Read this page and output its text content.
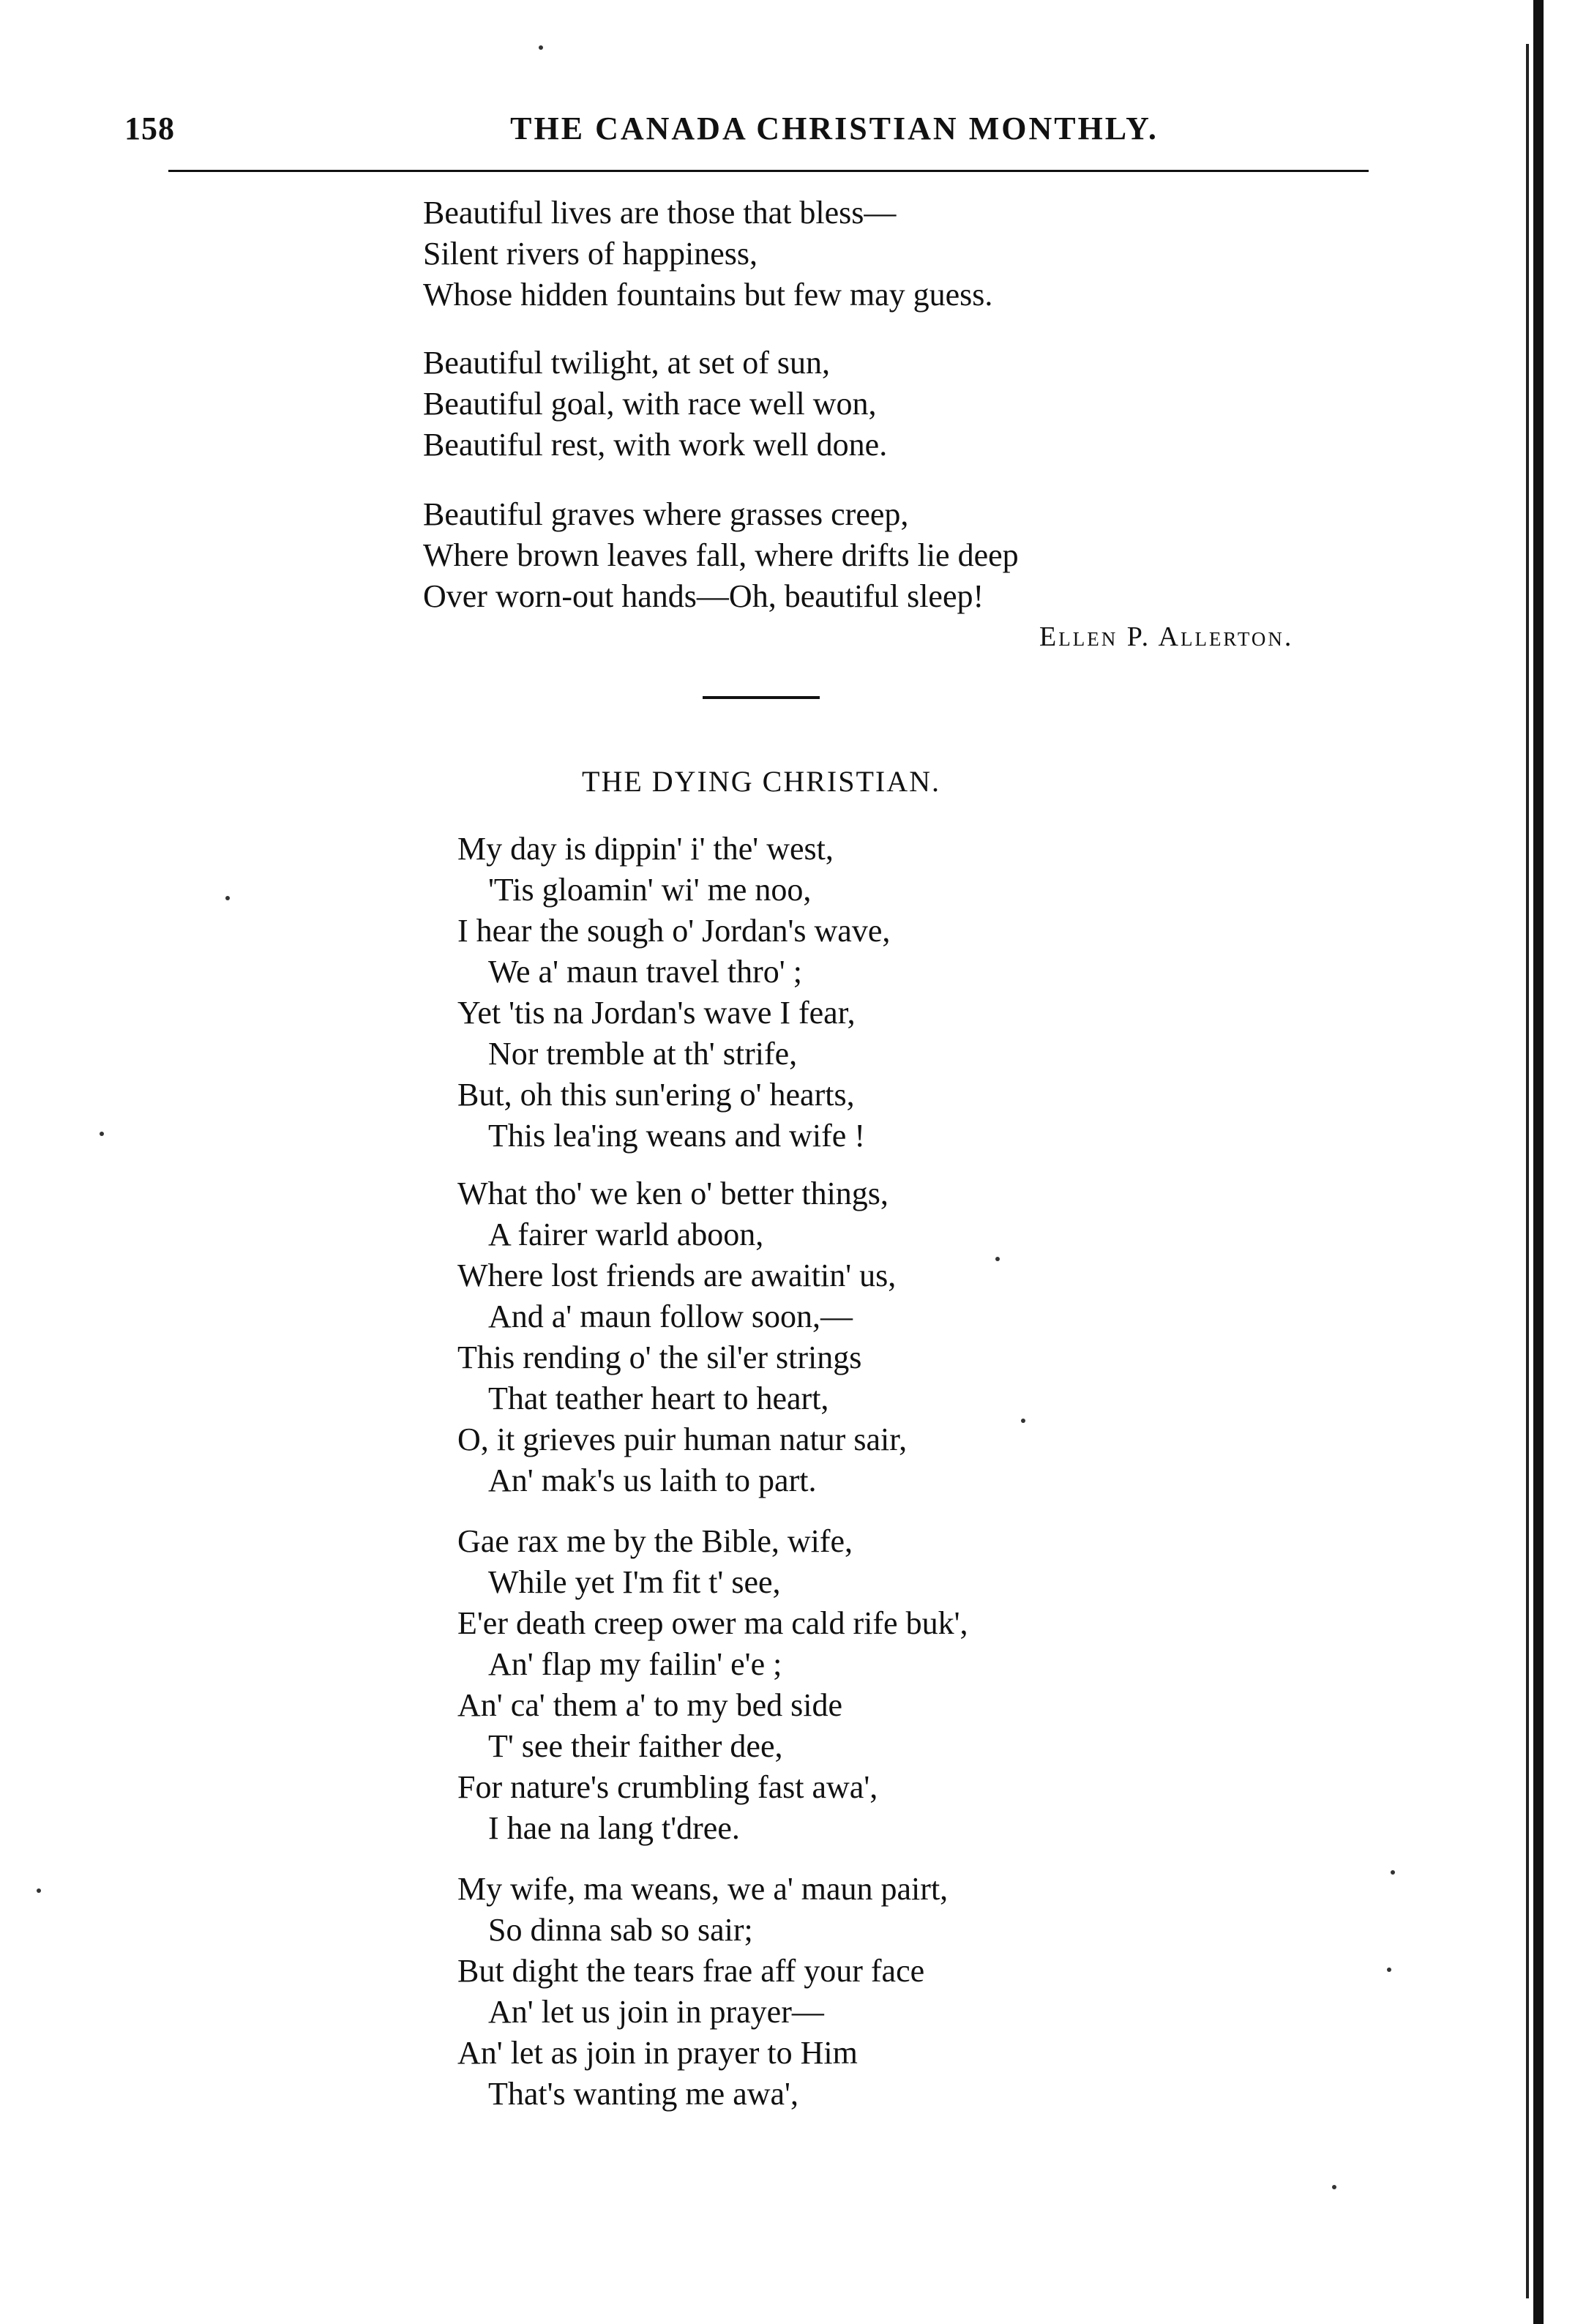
158	THE CANADA CHRISTIAN MONTHLY.
Beautiful lives are those that bless—
Silent rivers of happiness,
Whose hidden fountains but few may guess.
Beautiful twilight, at set of sun,
Beautiful goal, with race well won,
Beautiful rest, with work well done.
Beautiful graves where grasses creep,
Where brown leaves fall, where drifts lie deep
Over worn-out hands—Oh, beautiful sleep!
Ellen P. Allerton.
THE DYING CHRISTIAN.
My day is dippin' i' the' west,
'Tis gloamin' wi' me noo,
I hear the sough o' Jordan's wave,
We a' maun travel thro' ;
Yet 'tis na Jordan's wave I fear,
Nor tremble at th' strife,
But, oh this sun'ering o' hearts,
This lea'ing weans and wife !
What tho' we ken o' better things,
A fairer warld aboon,
Where lost friends are awaitin' us,
And a' maun follow soon,—
This rending o' the sil'er strings
That teather heart to heart,
O, it grieves puir human natur sair,
An' mak's us laith to part.
Gae rax me by the Bible, wife,
While yet I'm fit t' see,
E'er death creep ower ma cald rife buk',
An' flap my failin' e'e ;
An' ca' them a' to my bed side
T' see their faither dee,
For nature's crumbling fast awa',
I hae na lang t'dree.
My wife, ma weans, we a' maun pairt,
So dinna sab so sair;
But dight the tears frae aff your face
An' let us join in prayer—
An' let as join in prayer to Him
That's wanting me awa',
